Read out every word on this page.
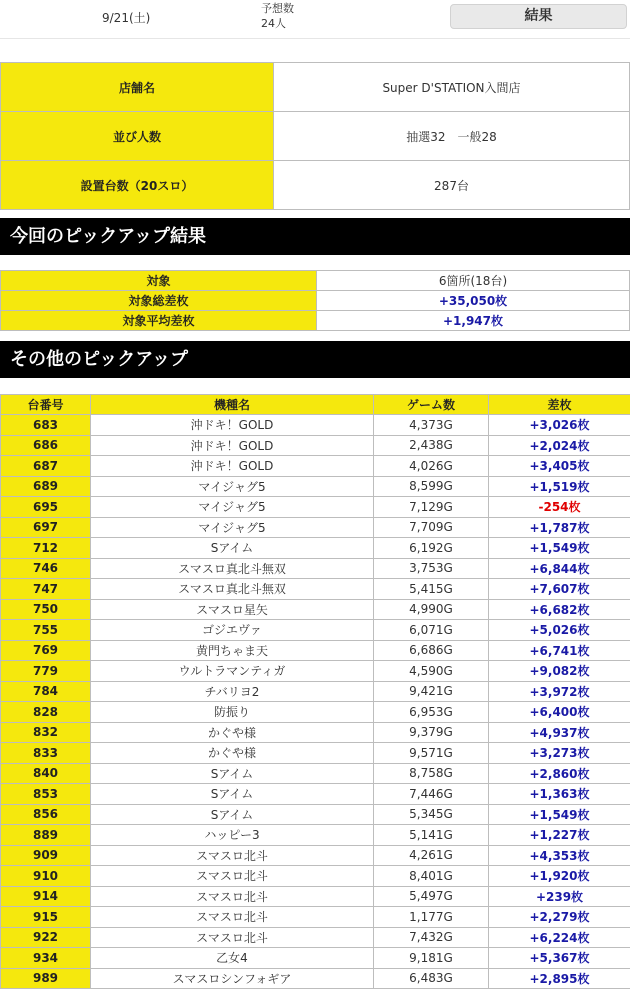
9/21(土)
予想数
24人	結果
店舗名	Super D'STATION入間店
並び人数	抽選32　一般28
設置台数（20スロ）	287台
今回のピックアップ結果
対象	6箇所(18台)
対象総差枚	+35,050枚
対象平均差枚	+1,947枚
その他のピックアップ
台番号	機種名	ゲーム数	差枚
683	沖ドキ！GOLD	4,373G	+3,026枚
686	沖ドキ！GOLD	2,438G	+2,024枚
687	沖ドキ！GOLD	4,026G	+3,405枚
689	マイジャグ5	8,599G	+1,519枚
695	マイジャグ5	7,129G	-254枚
697	マイジャグ5	7,709G	+1,787枚
712	Sアイム	6,192G	+1,549枚
746	スマスロ真北斗無双	3,753G	+6,844枚
747	スマスロ真北斗無双	5,415G	+7,607枚
750	スマスロ星矢	4,990G	+6,682枚
755	ゴジエヴァ	6,071G	+5,026枚
769	黄門ちゃま天	6,686G	+6,741枚
779	ウルトラマンティガ	4,590G	+9,082枚
784	チバリヨ2	9,421G	+3,972枚
828	防振り	6,953G	+6,400枚
832	かぐや様	9,379G	+4,937枚
833	かぐや様	9,571G	+3,273枚
840	Sアイム	8,758G	+2,860枚
853	Sアイム	7,446G	+1,363枚
856	Sアイム	5,345G	+1,549枚
889	ハッピー3	5,141G	+1,227枚
909	スマスロ北斗	4,261G	+4,353枚
910	スマスロ北斗	8,401G	+1,920枚
914	スマスロ北斗	5,497G	+239枚
915	スマスロ北斗	1,177G	+2,279枚
922	スマスロ北斗	7,432G	+6,224枚
934	乙女4	9,181G	+5,367枚
989	スマスロシンフォギア	6,483G	+2,895枚
